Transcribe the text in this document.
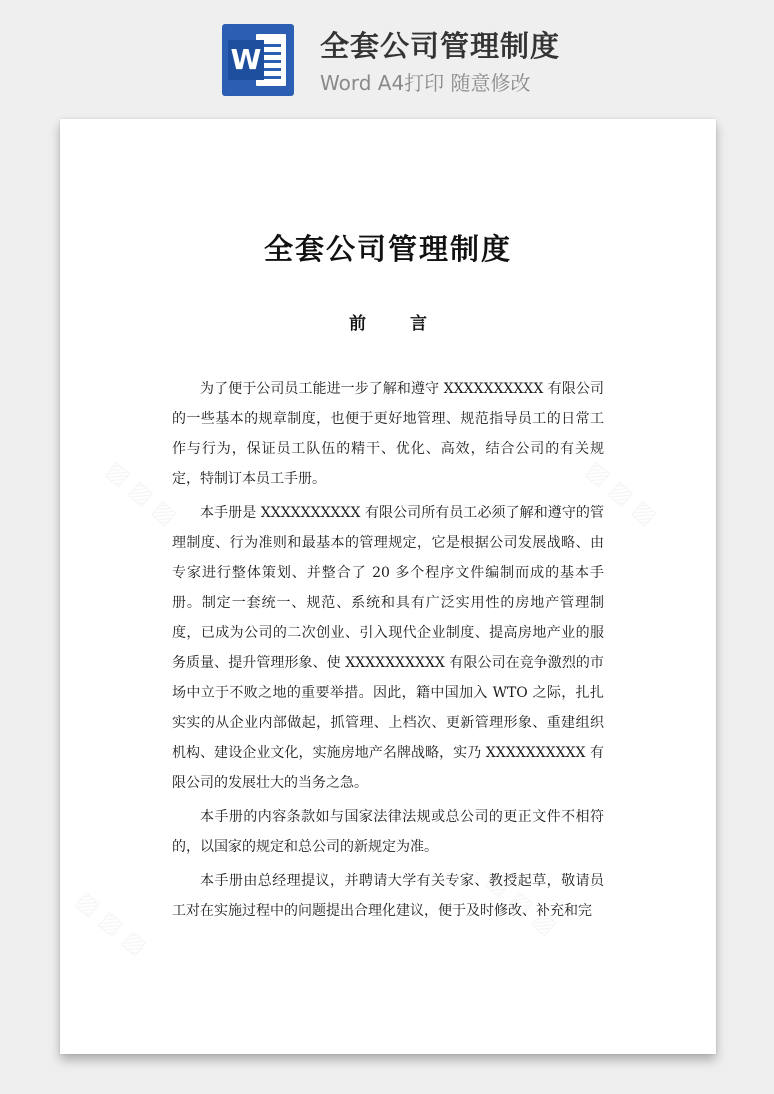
W 全套公司管理制度
Word A4打印 随意修改
全套公司管理制度
前言

为了便于公司员工能进一步了解和遵守 XXXXXXXXXX 有限公司的一些基本的规章制度，也便于更好地管理、规范指导员工的日常工作与行为，保证员工队伍的精干、优化、高效，结合公司的有关规定，特制订本员工手册。

本手册是 XXXXXXXXXX 有限公司所有员工必须了解和遵守的管理制度、行为准则和最基本的管理规定，它是根据公司发展战略、由专家进行整体策划、并整合了 20 多个程序文件编制而成的基本手册。制定一套统一、规范、系统和具有广泛实用性的房地产管理制度，已成为公司的二次创业、引入现代企业制度、提高房地产业的服务质量、提升管理形象、使 XXXXXXXXXX 有限公司在竞争激烈的市场中立于不败之地的重要举措。因此，籍中国加入 WTO 之际，扎扎实实的从企业内部做起，抓管理、上档次、更新管理形象、重建组织机构、建设企业文化，实施房地产名牌战略，实乃 XXXXXXXXXX 有限公司的发展壮大的当务之急。

本手册的内容条款如与国家法律法规或总公司的更正文件不相符的，以国家的规定和总公司的新规定为准。

本手册由总经理提议，并聘请大学有关专家、教授起草，敬请员工对在实施过程中的问题提出合理化建议，便于及时修改、补充和完
